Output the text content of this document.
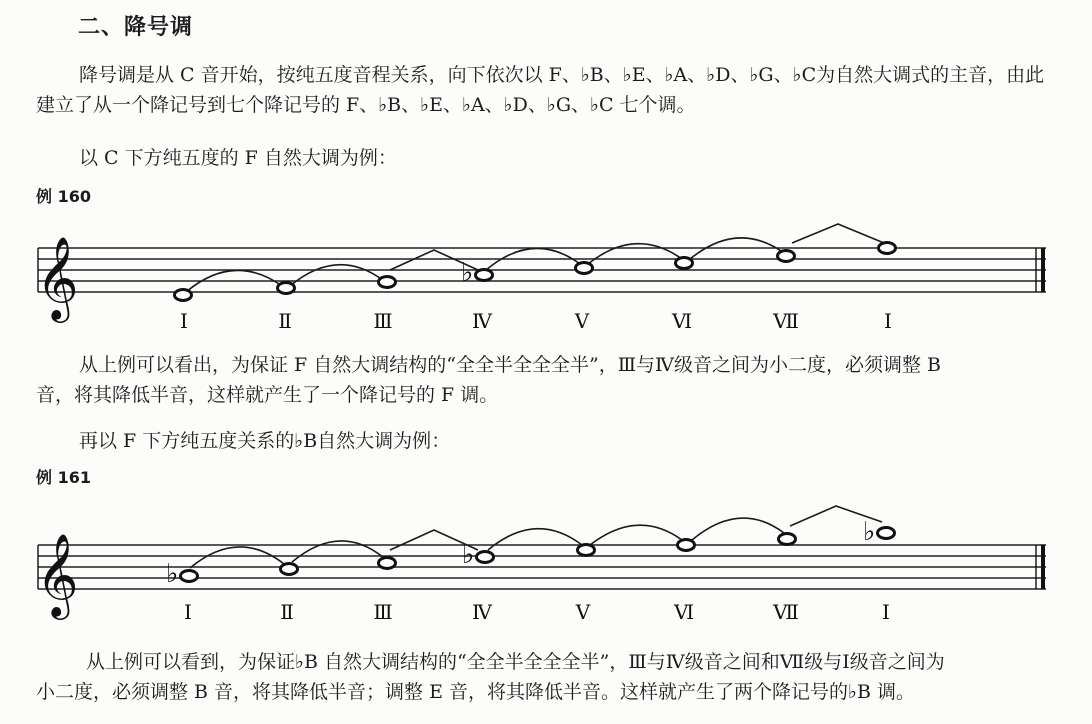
二、降号调
降号调是从 C 音开始，按纯五度音程关系，向下依次以 F、♭B、♭E、♭A、♭D、♭G、♭C为自然大调式的主音，由此
建立了从一个降记号到七个降记号的 F、♭B、♭E、♭A、♭D、♭G、♭C 七个调。
以 C 下方纯五度的 F 自然大调为例：
例 160
𝄞	♭
I	Ⅱ	Ⅲ	Ⅳ	V	Ⅵ	Ⅶ	I
从上例可以看出，为保证 F 自然大调结构的“全全半全全全半”，Ⅲ与Ⅳ级音之间为小二度，必须调整 B
音，将其降低半音，这样就产生了一个降记号的 F 调。
再以 F 下方纯五度关系的♭B自然大调为例：
例 161
𝄞	♭
♭
♭
I	Ⅱ	Ⅲ	Ⅳ	V	Ⅵ	Ⅶ	I
从上例可以看到，为保证♭B 自然大调结构的“全全半全全全半”，Ⅲ与Ⅳ级音之间和Ⅶ级与Ⅰ级音之间为
小二度，必须调整 B 音，将其降低半音；调整 E 音，将其降低半音。这样就产生了两个降记号的♭B 调。
